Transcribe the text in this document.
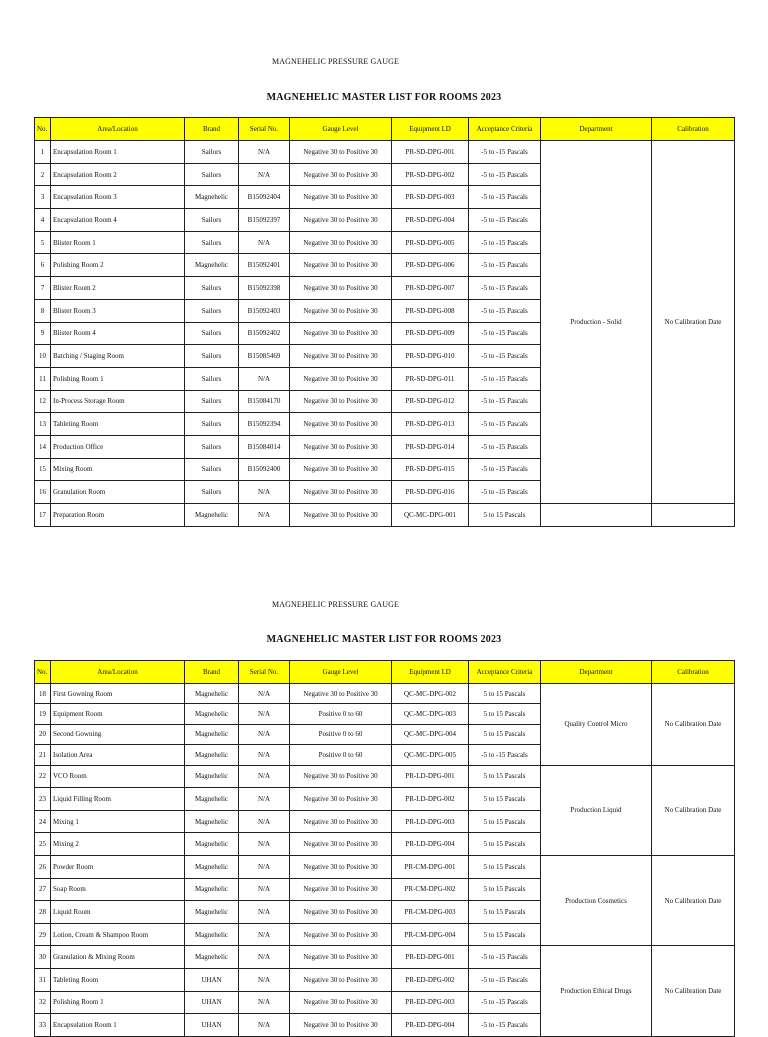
MAGNEHELIC PRESSURE GAUGE
MAGNEHELIC MASTER LIST FOR ROOMS 2023
No.	Area/Location	Brand	Serial No.	Gauge Level	Equipment I.D	Acceptance Criteria	Department	Calibration
1	Encapsulation Room 1	Sailors	N/A	Negative 30 to Positive 30	PR-SD-DPG-001	-5 to -15 Pascals	Production - Solid	No Calibration Date
2	Encapsulation Room 2	Sailors	N/A	Negative 30 to Positive 30	PR-SD-DPG-002	-5 to -15 Pascals		
3	Encapsulation Room 3	Magnehelic	B15092404	Negative 30 to Positive 30	PR-SD-DPG-003	-5 to -15 Pascals		
4	Encapsulation Room 4	Sailors	B15092397	Negative 30 to Positive 30	PR-SD-DPG-004	-5 to -15 Pascals		
5	Blister Room 1	Sailors	N/A	Negative 30 to Positive 30	PR-SD-DPG-005	-5 to -15 Pascals		
6	Polishing Room 2	Magnehelic	B15092401	Negative 30 to Positive 30	PR-SD-DPG-006	-5 to -15 Pascals		
7	Blister Room 2	Sailors	B15092398	Negative 30 to Positive 30	PR-SD-DPG-007	-5 to -15 Pascals		
8	Blister Room 3	Sailors	B15092403	Negative 30 to Positive 30	PR-SD-DPG-008	-5 to -15 Pascals		
9	Blister Room 4	Sailors	B15092402	Negative 30 to Positive 30	PR-SD-DPG-009	-5 to -15 Pascals		
10	Batching / Staging Room	Sailors	B15085469	Negative 30 to Positive 30	PR-SD-DPG-010	-5 to -15 Pascals		
11	Polishing Room 1	Sailors	N/A	Negative 30 to Positive 30	PR-SD-DPG-011	-5 to -15 Pascals		
12	In-Process Storage Room	Sailors	B15084170	Negative 30 to Positive 30	PR-SD-DPG-012	-5 to -15 Pascals		
13	Tableting Room	Sailors	B15092394	Negative 30 to Positive 30	PR-SD-DPG-013	-5 to -15 Pascals		
14	Production Office	Sailors	B15084014	Negative 30 to Positive 30	PR-SD-DPG-014	-5 to -15 Pascals		
15	Mixing Room	Sailors	B15092400	Negative 30 to Positive 30	PR-SD-DPG-015	-5 to -15 Pascals		
16	Granulation Room	Sailors	N/A	Negative 30 to Positive 30	PR-SD-DPG-016	-5 to -15 Pascals		
17	Preparation Room	Magnehelic	N/A	Negative 30 to Positive 30	QC-MC-DPG-001	5 to 15 Pascals		
MAGNEHELIC PRESSURE GAUGE
MAGNEHELIC MASTER LIST FOR ROOMS 2023
No.	Area/Location	Brand	Serial No.	Gauge Level	Equipment I.D	Acceptance Criteria	Department	Calibration
18	First Gowning Room	Magnehelic	N/A	Negative 30 to Positive 30	QC-MC-DPG-002	5 to 15 Pascals	Quality Control Micro	No Calibration Date
19	Equipment Room	Magnehelic	N/A	Positive 0 to 60	QC-MC-DPG-003	5 to 15 Pascals		
20	Second Gowning	Magnehelic	N/A	Positive 0 to 60	QC-MC-DPG-004	5 to 15 Pascals		
21	Isolation Area	Magnehelic	N/A	Positive 0 to 60	QC-MC-DPG-005	-5 to -15 Pascals		
22	VCO Room	Magnehelic	N/A	Negative 30 to Positive 30	PR-LD-DPG-001	5 to 15 Pascals	Production Liquid	No Calibration Date
23	Liquid Filling Room	Magnehelic	N/A	Negative 30 to Positive 30	PR-LD-DPG-002	5 to 15 Pascals		
24	Mixing 1	Magnehelic	N/A	Negative 30 to Positive 30	PR-LD-DPG-003	5 to 15 Pascals		
25	Mixing 2	Magnehelic	N/A	Negative 30 to Positive 30	PR-LD-DPG-004	5 to 15 Pascals		
26	Powder Room	Magnehelic	N/A	Negative 30 to Positive 30	PR-CM-DPG-001	5 to 15 Pascals	Production Cosmetics	No Calibration Date
27	Soap Room	Magnehelic	N/A	Negative 30 to Positive 30	PR-CM-DPG-002	5 to 15 Pascals		
28	Liquid Room	Magnehelic	N/A	Negative 30 to Positive 30	PR-CM-DPG-003	5 to 15 Pascals		
29	Lotion, Cream & Shampoo Room	Magnehelic	N/A	Negative 30 to Positive 30	PR-CM-DPG-004	5 to 15 Pascals		
30	Granulation & Mixing Room	Magnehelic	N/A	Negative 30 to Positive 30	PR-ED-DPG-001	-5 to -15 Pascals	Production Ethical Drugs	No Calibration Date
31	Tableting Room	UHAN	N/A	Negative 30 to Positive 30	PR-ED-DPG-002	-5 to -15 Pascals		
32	Polishing Room 1	UHAN	N/A	Negative 30 to Positive 30	PR-ED-DPG-003	-5 to -15 Pascals		
33	Encapsulation Room 1	UHAN	N/A	Negative 30 to Positive 30	PR-ED-DPG-004	-5 to -15 Pascals		
